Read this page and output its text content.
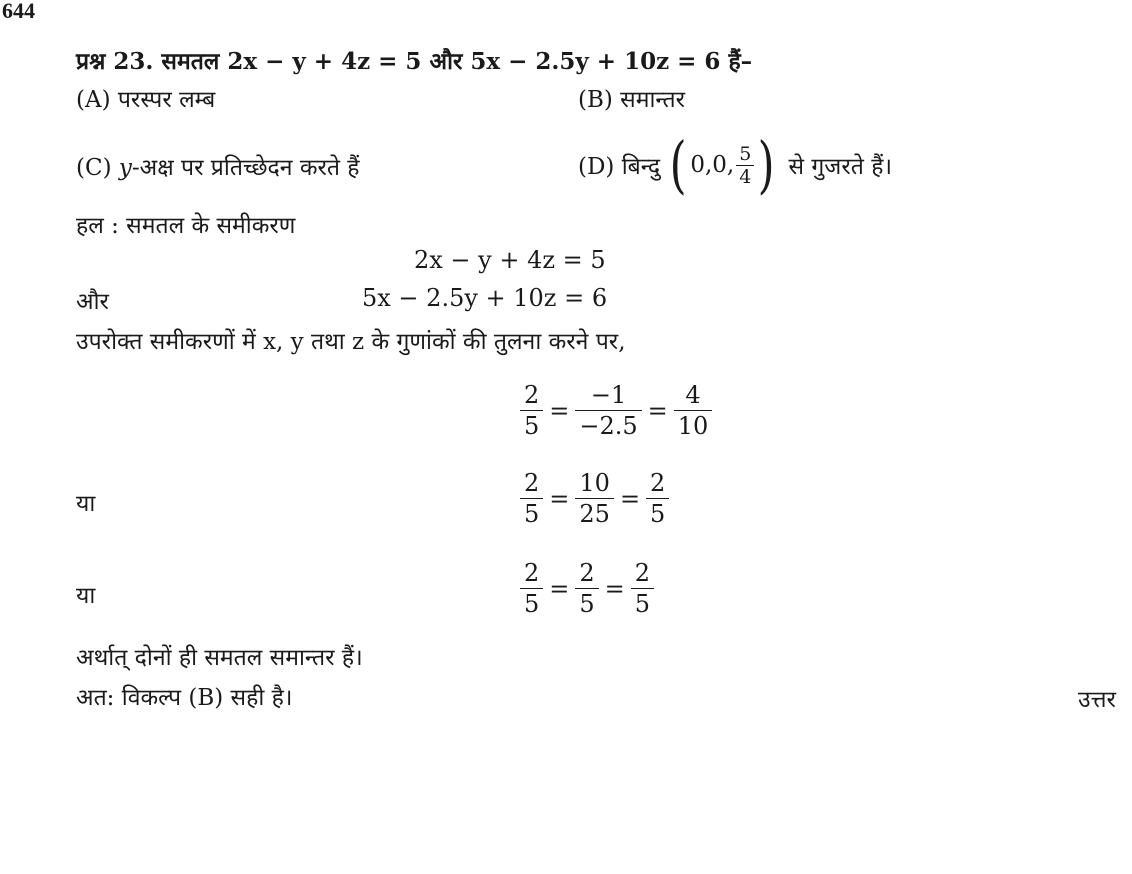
644
प्रश्न 23. समतल 2x − y + 4z = 5 और 5x − 2.5y + 10z = 6 हैं–
(A) परस्पर लम्ब	(B) समान्तर
(C) y-अक्ष पर प्रतिच्छेदन करते हैं	(D) बिन्दु ( 0,0, $\frac{5}{4}$ ) से गुजरते हैं।
हल : समतल के समीकरण
2x − y + 4z = 5
और	5x − 2.5y + 10z = 6
उपरोक्त समीकरणों में x, y तथा z के गुणांकों की तुलना करने पर,
$\frac{2}{5} = \frac{-1}{-2.5} = \frac{4}{10}$
या	$\frac{2}{5} = \frac{10}{25} = \frac{2}{5}$
या	$\frac{2}{5} = \frac{2}{5} = \frac{2}{5}$
अर्थात् दोनों ही समतल समान्तर हैं।
अत: विकल्प (B) सही है।	उत्तर
